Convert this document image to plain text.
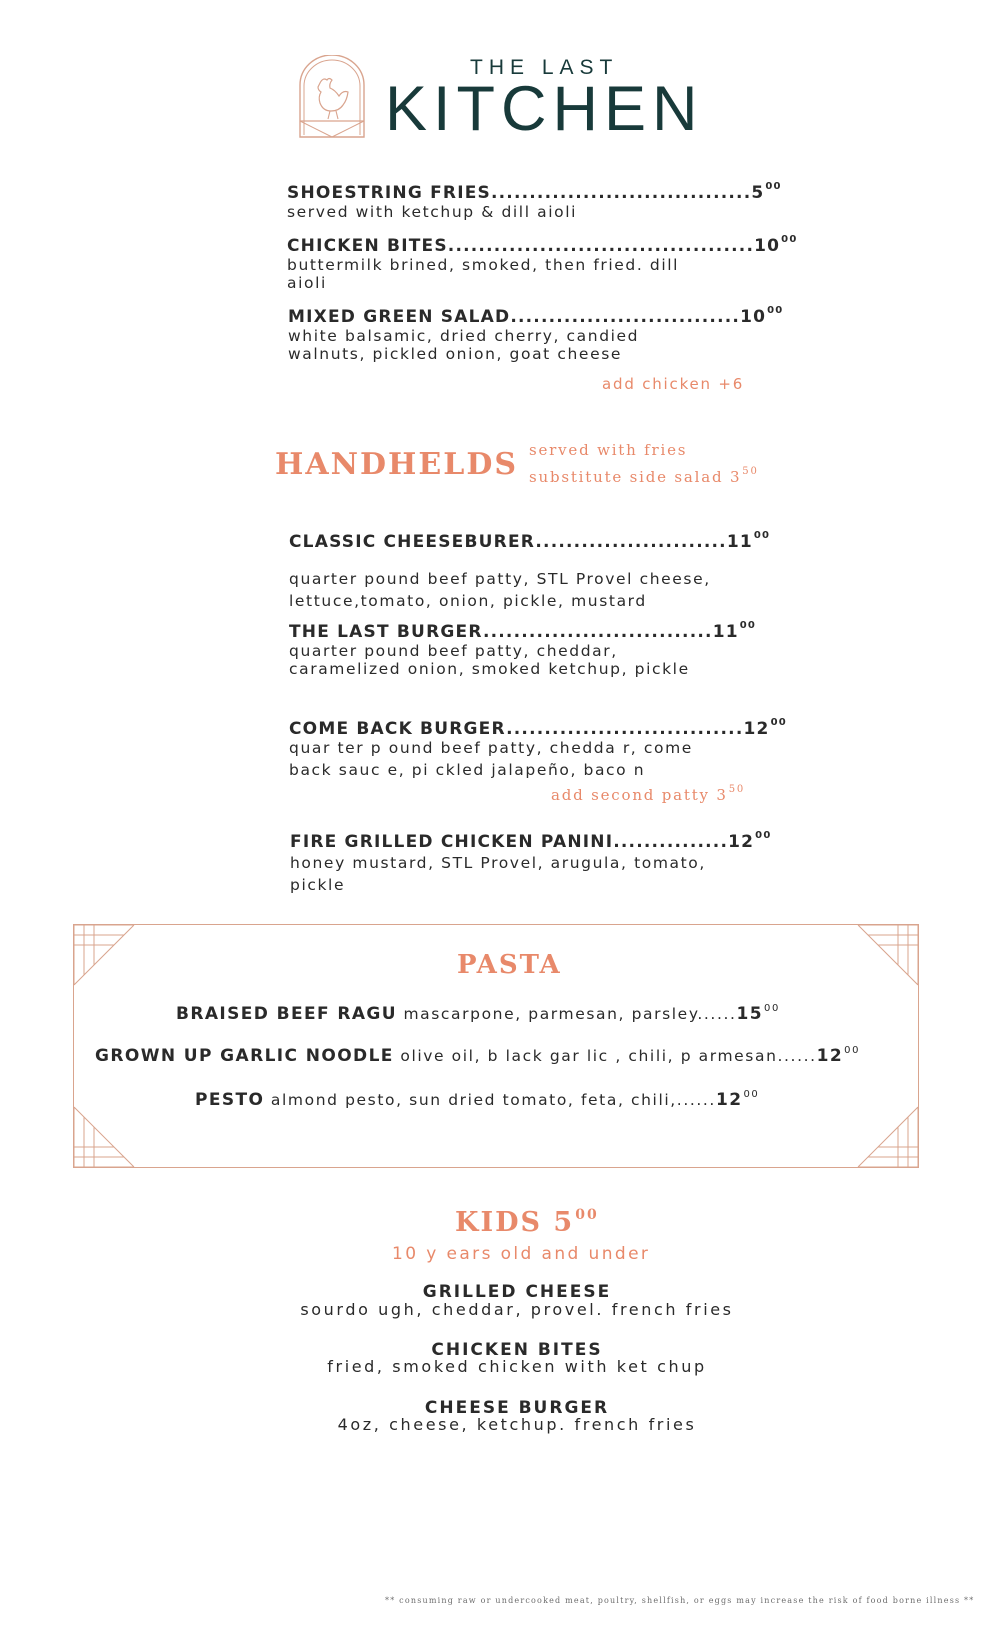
THE LAST
KITCHEN
SHOESTRING FRIES..................................5$^{00}$
served with ketchup & dill aioli
CHICKEN BITES........................................10$^{00}$
buttermilk brined, smoked, then fried. dill
aioli
MIXED GREEN SALAD..............................10$^{00}$
white balsamic, dried cherry, candied
walnuts, pickled onion, goat cheese
add chicken +6
HANDHELDS served with fries
substitute side salad $3^{50}$
CLASSIC CHEESEBURER.........................11$^{00}$
quarter pound beef patty, STL Provel cheese,
lettuce,tomato, onion, pickle, mustard
THE LAST BURGER..............................11$^{00}$
quarter pound beef patty, cheddar,
caramelized onion, smoked ketchup, pickle
COME BACK BURGER...............................12$^{00}$
quar ter p ound beef patty, chedda r, come
back sauc e, pi ckled jalapeño, baco n
add second patty $3^{50}$
FIRE GRILLED CHICKEN PANINI...............12$^{00}$
honey mustard, STL Provel, arugula, tomato,
pickle
PASTA
BRAISED BEEF RAGU mascarpone, parmesan, parsley......15$^{00}$
GROWN UP GARLIC NOODLE olive oil, b lack gar lic , chili, p armesan......12$^{00}$
PESTO almond pesto, sun dried tomato, feta, chili,......12$^{00}$
KIDS $5^{00}$
10 y ears old and under
GRILLED CHEESE
sourdo ugh, cheddar, provel. french fries
CHICKEN BITES
fried, smoked chicken with ket chup
CHEESE BURGER
4oz, cheese, ketchup. french fries
** consuming raw or undercooked meat, poultry, shellfish, or eggs may increase the risk of food borne illness **
